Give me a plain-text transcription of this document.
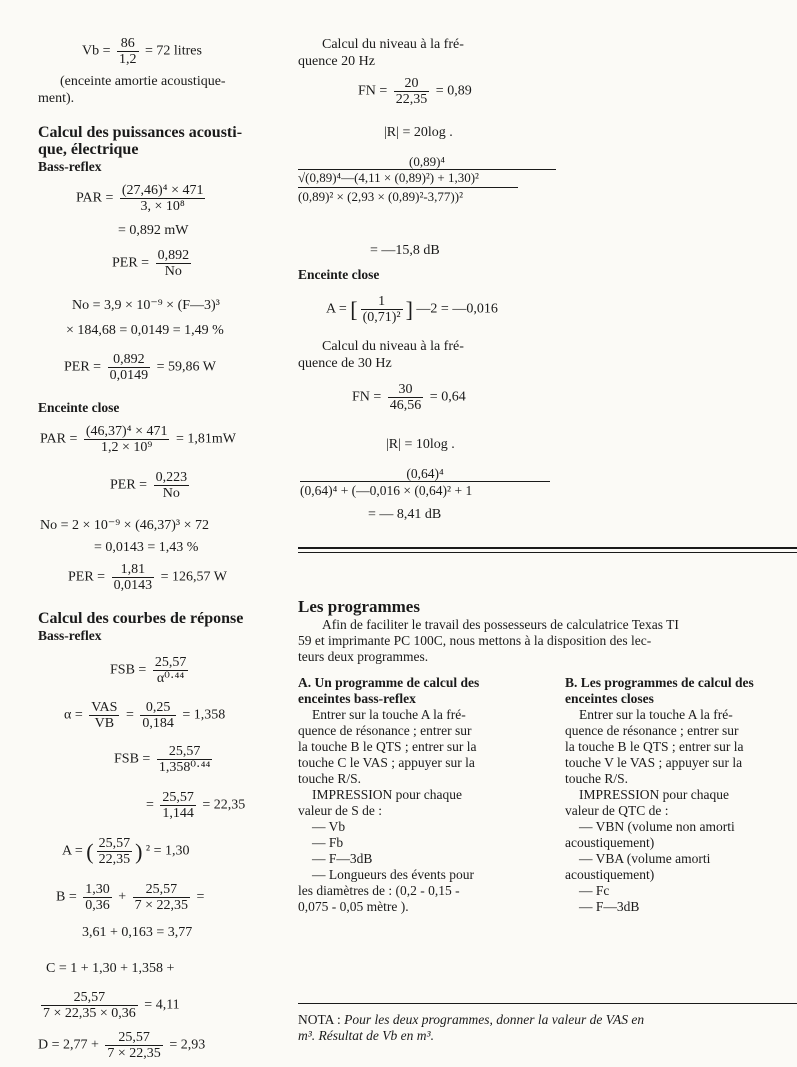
$Vb = \frac{86}{1,2} = 72$ litres
(enceinte amortie acoustique-
ment).
Calcul des puissances acousti-
que, électrique
Bass-reflex
PAR = $\frac{\text{(27,46)⁴ × 471}}{\text{3, × 10⁸}}$
= 0,892 mW
PER = $\frac{0,892}{No}$
No = 3,9 × 10⁻⁹ × (F—3)³
× 184,68 = 0,0149 = 1,49 %
PER = $\frac{0,892}{0,0149} = 59,86$ W
Enceinte close
PAR = $\frac{\text{(46,37)⁴ × 471}}{\text{1,2 × 10⁹}} = 1,81mW$
PER = $\frac{0,223}{No}$
No = 2 × 10⁻⁹ × (46,37)³ × 72
= 0,0143 = 1,43 %
PER = $\frac{1,81}{0,0143} = 126,57$ W
Calcul des courbes de réponse
Bass-reflex
FSB = $\frac{25,57}{\text{α⁰·⁴⁴}}$
$\alpha = \frac{\text{VAS}}{VB} = \frac{0,25}{0,184} = 1,358$
FSB = $\frac{25,57}{\text{1,358⁰·⁴⁴}}$
= $\frac{25,57}{1,144} = 22,35$
A = ( $\frac{25,57}{22,35}$ ) ² = 1,30
$B = \frac{1,30}{0,36} + \frac{25,57}{7 \times 22,35}$ =
3,61 + 0,163 = 3,77
C = 1 + 1,30 + 1,358 +
$\frac{25,57}{7 \times 22,35 \times 0,36} = 4,11$
$D = 2,77 + \frac{25,57}{7 \times 22,35} = 2,93$
Calcul du niveau à la fré-
quence 20 Hz
FN = $\frac{20}{22,35} = 0,89$
|R| = 20log .
(0,89)⁴
√(0,89)⁴—(4,11 × (0,89)²) + 1,30)²
(0,89)² × (2,93 × (0,89)²-3,77))²
= —15,8 dB
Enceinte close
A = [ $\frac{1}{\text{(0,71)²}}$ ] —2 = —0,016
Calcul du niveau à la fré-
quence de 30 Hz
FN = $\frac{30}{46,56} = 0,64$
|R| = 10log .
$\frac{\text{(0,64)⁴}}{\text{(0,64)⁴ + (—0,016 × (0,64)² + 1}}$
= — 8,41 dB

Les programmes
Afin de faciliter le travail des possesseurs de calculatrice Texas TI
59 et imprimante PC 100C, nous mettons à la disposition des lec-
teurs deux programmes.
A. Un programme de calcul des
enceintes bass-reflex
Entrer sur la touche A la fré-
quence de résonance ; entrer sur
la touche B le QTS ; entrer sur la
touche C le VAS ; appuyer sur la
touche R/S.
IMPRESSION pour chaque
valeur de S de :
— Vb
— Fb
— F—3dB
— Longueurs des évents pour
les diamètres de : (0,2 - 0,15 -
0,075 - 0,05 mètre ).
B. Les programmes de calcul des
enceintes closes
Entrer sur la touche A la fré-
quence de résonance ; entrer sur
la touche B le QTS ; entrer sur la
touche V le VAS ; appuyer sur la
touche R/S.
IMPRESSION pour chaque
valeur de QTC de :
— VBN (volume non amorti
acoustiquement)
— VBA (volume amorti
acoustiquement)
— Fc
— F—3dB
NOTA : Pour les deux programmes, donner la valeur de VAS en
m³. Résultat de Vb en m³.
